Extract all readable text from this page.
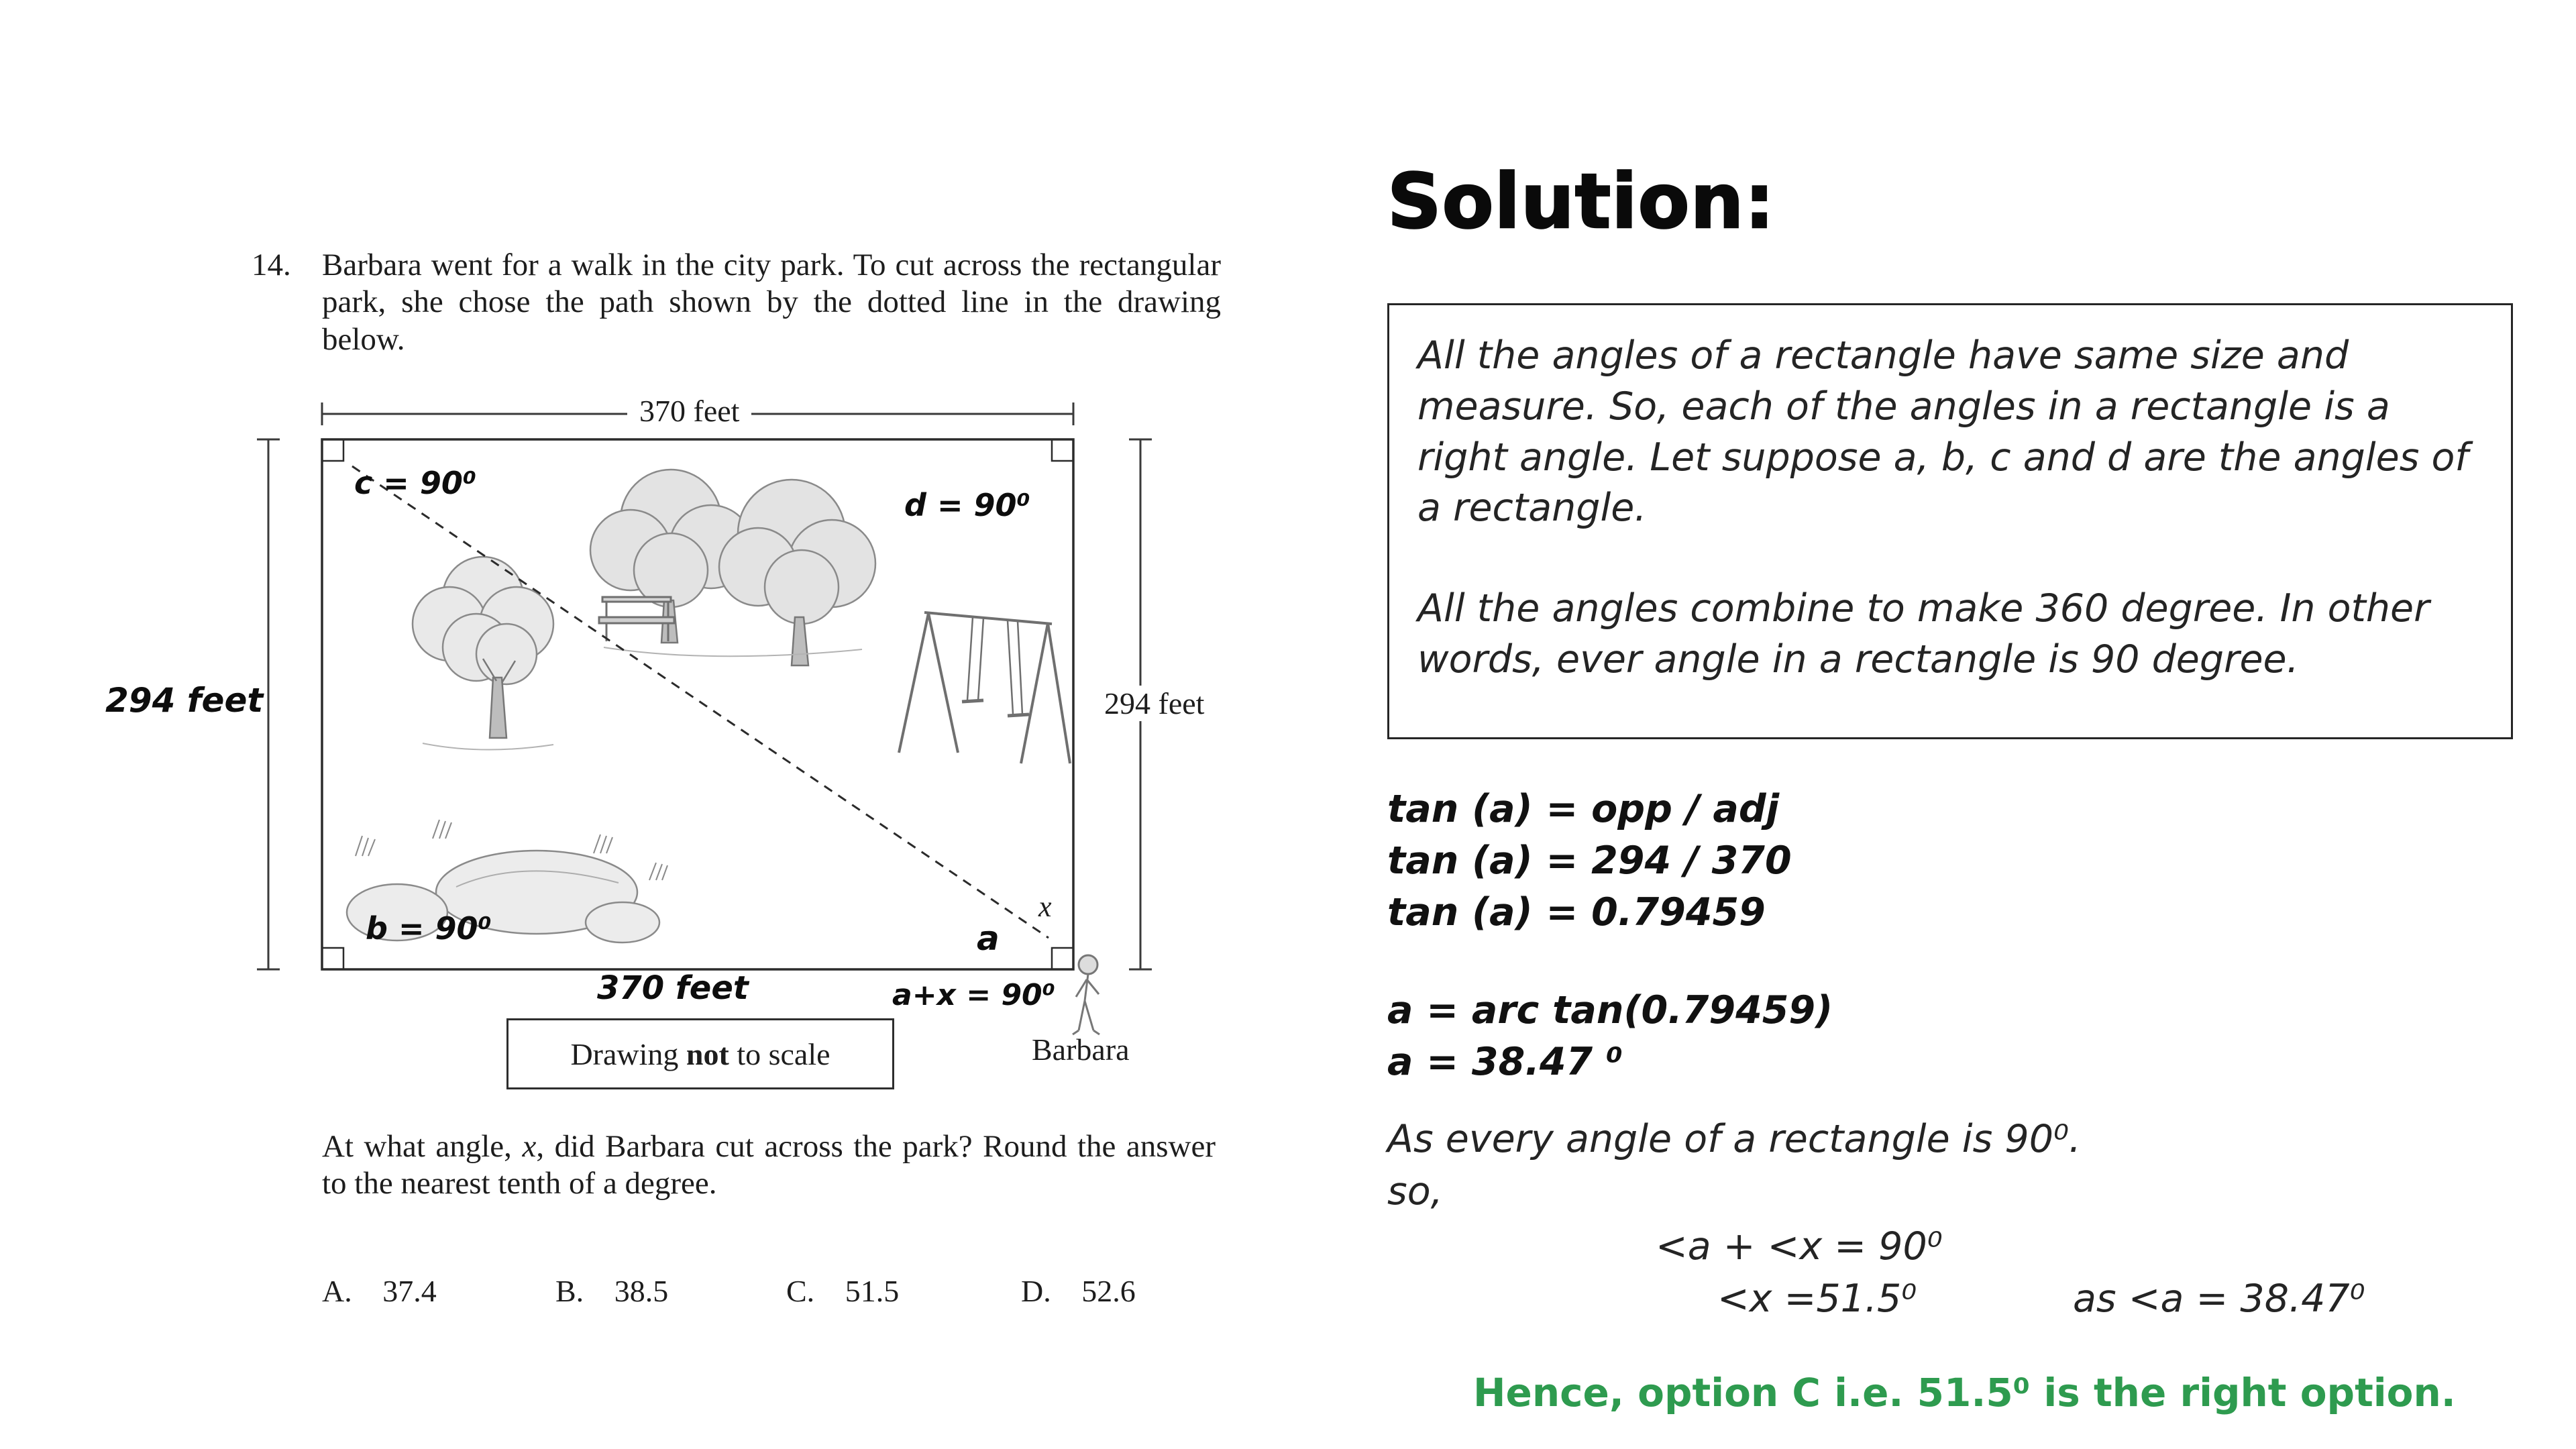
14. Barbara went for a walk in the city park. To cut across the rectangular park, she chose the path shown by the dotted line in the drawing below.
370 feet
294 feet	294 feet
c = 90⁰
d = 90⁰
b = 90⁰	a
x
a+x = 90⁰
370 feet
Drawing not to scale	Barbara
At what angle, x, did Barbara cut across the park? Round the answer to the nearest tenth of a degree.
A. 37.4	B. 38.5	C. 51.5	D. 52.6
Solution:
All the angles of a rectangle have same size and measure. So, each of the angles in a rectangle is a right angle. Let suppose a, b, c and d are the angles of a rectangle.
All the angles combine to make 360 degree. In other words, ever angle in a rectangle is 90 degree.
tan (a) = opp / adj
tan (a) = 294 / 370
tan (a) = 0.79459
a = arc tan(0.79459)
a = 38.47 ⁰
As every angle of a rectangle is 90⁰.
so,
<a + <x = 90⁰
<x =51.5⁰	as <a = 38.47⁰
Hence, option C i.e. 51.5⁰ is the right option.
